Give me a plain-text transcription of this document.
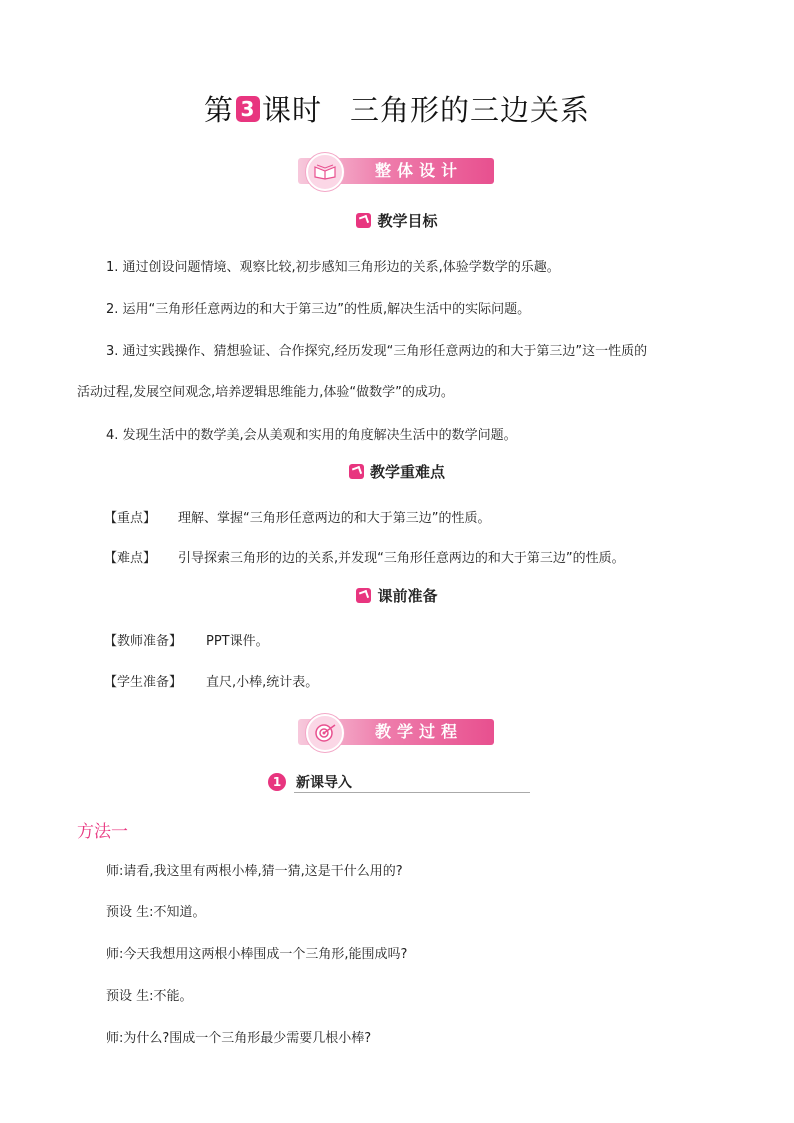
第 3 课时 三角形的三边关系
整体设计
教学目标
1. 通过创设问题情境、观察比较,初步感知三角形边的关系,体验学数学的乐趣。
2. 运用“三角形任意两边的和大于第三边”的性质,解决生活中的实际问题。
3. 通过实践操作、猜想验证、合作探究,经历发现“三角形任意两边的和大于第三边”这一性质的
活动过程,发展空间观念,培养逻辑思维能力,体验“做数学”的成功。
4. 发现生活中的数学美,会从美观和实用的角度解决生活中的数学问题。
教学重难点
【重点】 理解、掌握“三角形任意两边的和大于第三边”的性质。
【难点】 引导探索三角形的边的关系,并发现“三角形任意两边的和大于第三边”的性质。
课前准备
【教师准备】 PPT课件。
【学生准备】 直尺,小棒,统计表。
教学过程
1	新课导入
方法一
师:请看,我这里有两根小棒,猜一猜,这是干什么用的?
预设 生:不知道。
师:今天我想用这两根小棒围成一个三角形,能围成吗?
预设 生:不能。
师:为什么?围成一个三角形最少需要几根小棒?
